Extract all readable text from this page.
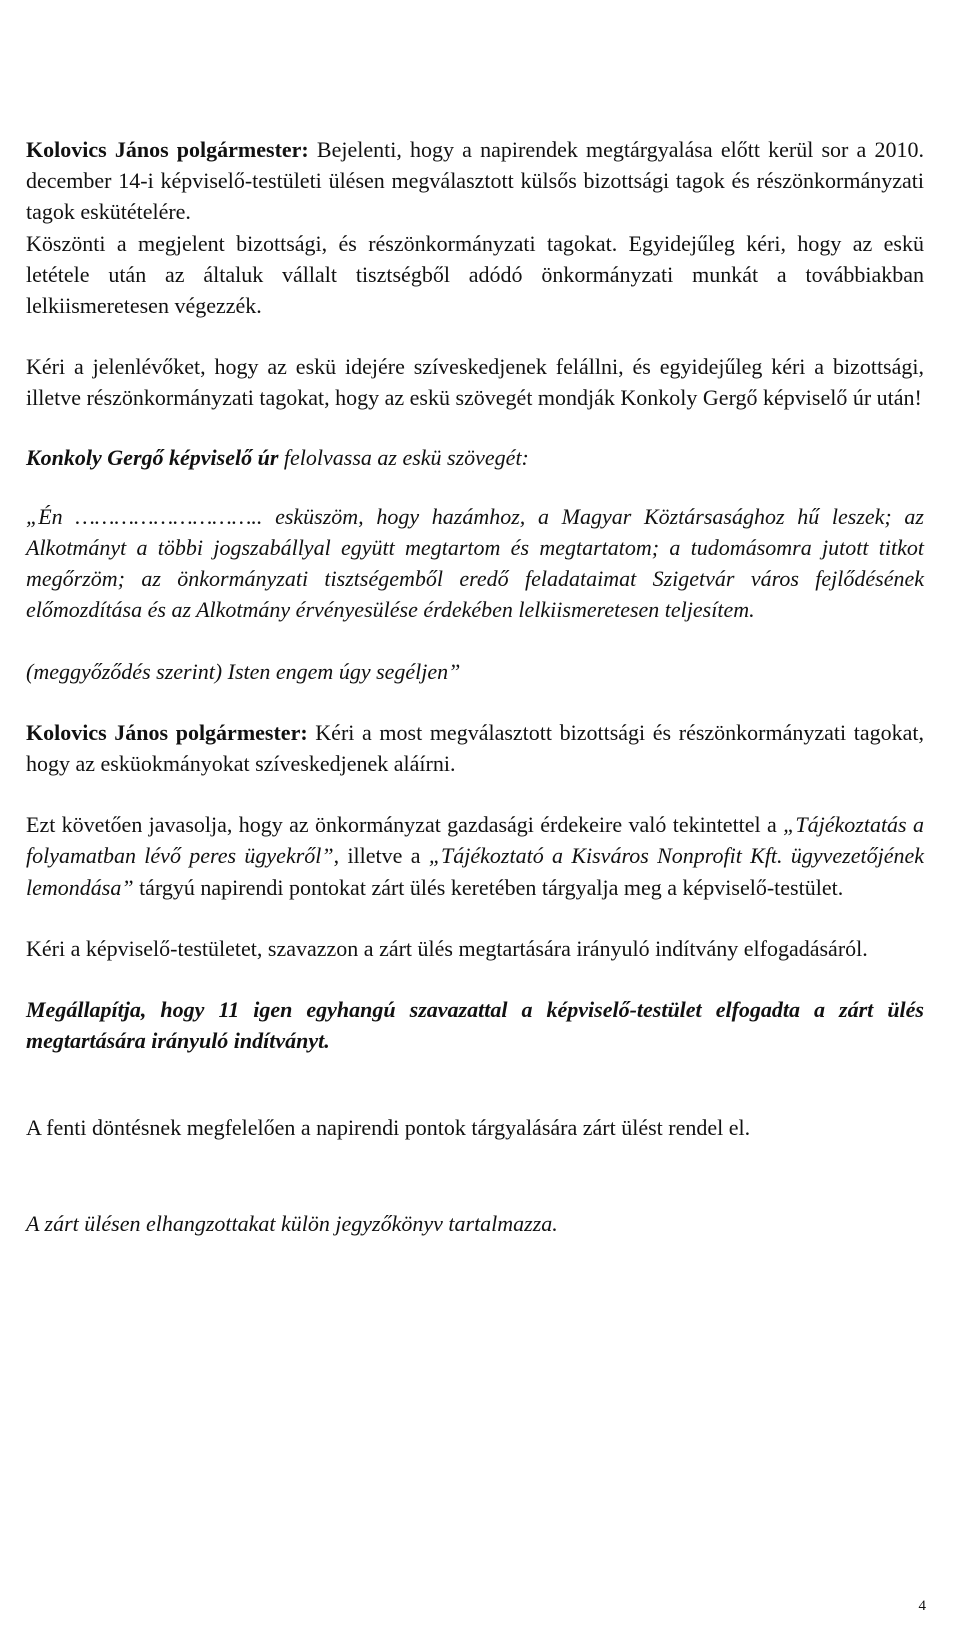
Kolovics János polgármester: Bejelenti, hogy a napirendek megtárgyalása előtt kerül sor a 2010. december 14-i képviselő-testületi ülésen megválasztott külsős bizottsági tagok és részönkormányzati tagok eskütételére.

Köszönti a megjelent bizottsági, és részönkormányzati tagokat. Egyidejűleg kéri, hogy az eskü letétele után az általuk vállalt tisztségből adódó önkormányzati munkát a továbbiakban lelkiismeretesen végezzék.

Kéri a jelenlévőket, hogy az eskü idejére szíveskedjenek felállni, és egyidejűleg kéri a bizottsági, illetve részönkormányzati tagokat, hogy az eskü szövegét mondják Konkoly Gergő képviselő úr után!

Konkoly Gergő képviselő úr felolvassa az eskü szövegét:

„Én ……………………….. esküszöm, hogy hazámhoz, a Magyar Köztársasághoz hű leszek; az Alkotmányt a többi jogszabállyal együtt megtartom és megtartatom; a tudomásomra jutott titkot megőrzöm; az önkormányzati tisztségemből eredő feladataimat Szigetvár város fejlődésének előmozdítása és az Alkotmány érvényesülése érdekében lelkiismeretesen teljesítem.

(meggyőződés szerint) Isten engem úgy segéljen”

Kolovics János polgármester: Kéri a most megválasztott bizottsági és részönkormányzati tagokat, hogy az esküokmányokat szíveskedjenek aláírni.

Ezt követően javasolja, hogy az önkormányzat gazdasági érdekeire való tekintettel a „Tájékoztatás a folyamatban lévő peres ügyekről”, illetve a „Tájékoztató a Kisváros Nonprofit Kft. ügyvezetőjének lemondása” tárgyú napirendi pontokat zárt ülés keretében tárgyalja meg a képviselő-testület.

Kéri a képviselő-testületet, szavazzon a zárt ülés megtartására irányuló indítvány elfogadásáról.

Megállapítja, hogy 11 igen egyhangú szavazattal a képviselő-testület elfogadta a zárt ülés megtartására irányuló indítványt.

A fenti döntésnek megfelelően a napirendi pontok tárgyalására zárt ülést rendel el.

A zárt ülésen elhangzottakat külön jegyzőkönyv tartalmazza.

4
